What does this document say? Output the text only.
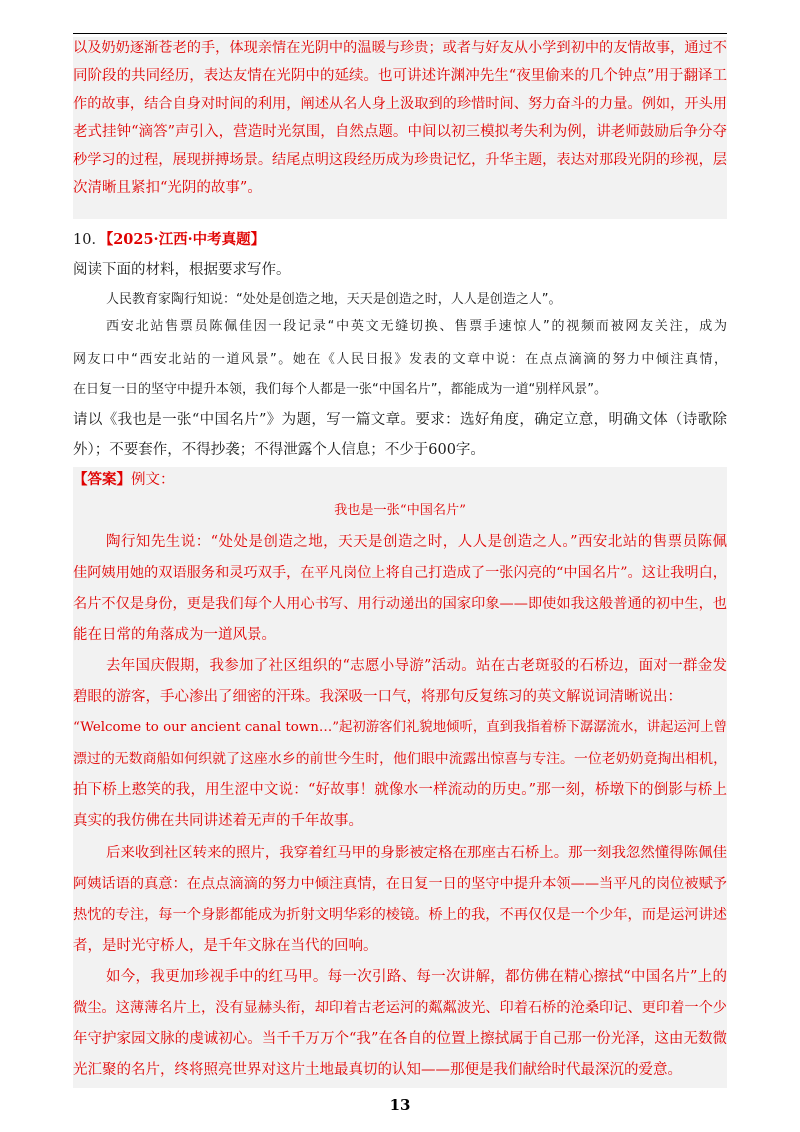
以及奶奶逐渐苍老的手，体现亲情在光阴中的温暖与珍贵；或者与好友从小学到初中的友情故事，通过不
同阶段的共同经历，表达友情在光阴中的延续。也可讲述许渊冲先生“夜里偷来的几个钟点”用于翻译工
作的故事，结合自身对时间的利用，阐述从名人身上汲取到的珍惜时间、努力奋斗的力量。例如，开头用
老式挂钟“滴答”声引入，营造时光氛围，自然点题。中间以初三模拟考失利为例，讲老师鼓励后争分夺
秒学习的过程，展现拼搏场景。结尾点明这段经历成为珍贵记忆，升华主题，表达对那段光阴的珍视，层
次清晰且紧扣“光阴的故事”。
10．【2025·江西·中考真题】
阅读下面的材料，根据要求写作。
人民教育家陶行知说：“处处是创造之地，天天是创造之时，人人是创造之人”。
西安北站售票员陈佩佳因一段记录“中英文无缝切换、售票手速惊人”的视频而被网友关注，成为
网友口中“西安北站的一道风景”。她在《人民日报》发表的文章中说：在点点滴滴的努力中倾注真情，
在日复一日的坚守中提升本领，我们每个人都是一张“中国名片”，都能成为一道“别样风景”。
请以《我也是一张“中国名片”》为题，写一篇文章。要求：选好角度，确定立意，明确文体（诗歌除
外）；不要套作，不得抄袭；不得泄露个人信息；不少于600字。
【答案】例文：
我也是一张“中国名片”
陶行知先生说：“处处是创造之地，天天是创造之时，人人是创造之人。”西安北站的售票员陈佩
佳阿姨用她的双语服务和灵巧双手，在平凡岗位上将自己打造成了一张闪亮的“中国名片”。这让我明白，
名片不仅是身份，更是我们每个人用心书写、用行动递出的国家印象——即使如我这般普通的初中生，也
能在日常的角落成为一道风景。
去年国庆假期，我参加了社区组织的“志愿小导游”活动。站在古老斑驳的石桥边，面对一群金发
碧眼的游客，手心渗出了细密的汗珠。我深吸一口气，将那句反复练习的英文解说词清晰说出：
“Welcome to our ancient canal town…”起初游客们礼貌地倾听，直到我指着桥下潺潺流水，讲起运河上曾
漂过的无数商船如何织就了这座水乡的前世今生时，他们眼中流露出惊喜与专注。一位老奶奶竟掏出相机，
拍下桥上憨笑的我，用生涩中文说：“好故事！就像水一样流动的历史。”那一刻，桥墩下的倒影与桥上
真实的我仿佛在共同讲述着无声的千年故事。
后来收到社区转来的照片，我穿着红马甲的身影被定格在那座古石桥上。那一刻我忽然懂得陈佩佳
阿姨话语的真意：在点点滴滴的努力中倾注真情，在日复一日的坚守中提升本领——当平凡的岗位被赋予
热忱的专注，每一个身影都能成为折射文明华彩的棱镜。桥上的我，不再仅仅是一个少年，而是运河讲述
者，是时光守桥人，是千年文脉在当代的回响。
如今，我更加珍视手中的红马甲。每一次引路、每一次讲解，都仿佛在精心擦拭“中国名片”上的
微尘。这薄薄名片上，没有显赫头衔，却印着古老运河的粼粼波光、印着石桥的沧桑印记、更印着一个少
年守护家园文脉的虔诚初心。当千千万万个“我”在各自的位置上擦拭属于自己那一份光泽，这由无数微
光汇聚的名片，终将照亮世界对这片土地最真切的认知——那便是我们献给时代最深沉的爱意。
13
